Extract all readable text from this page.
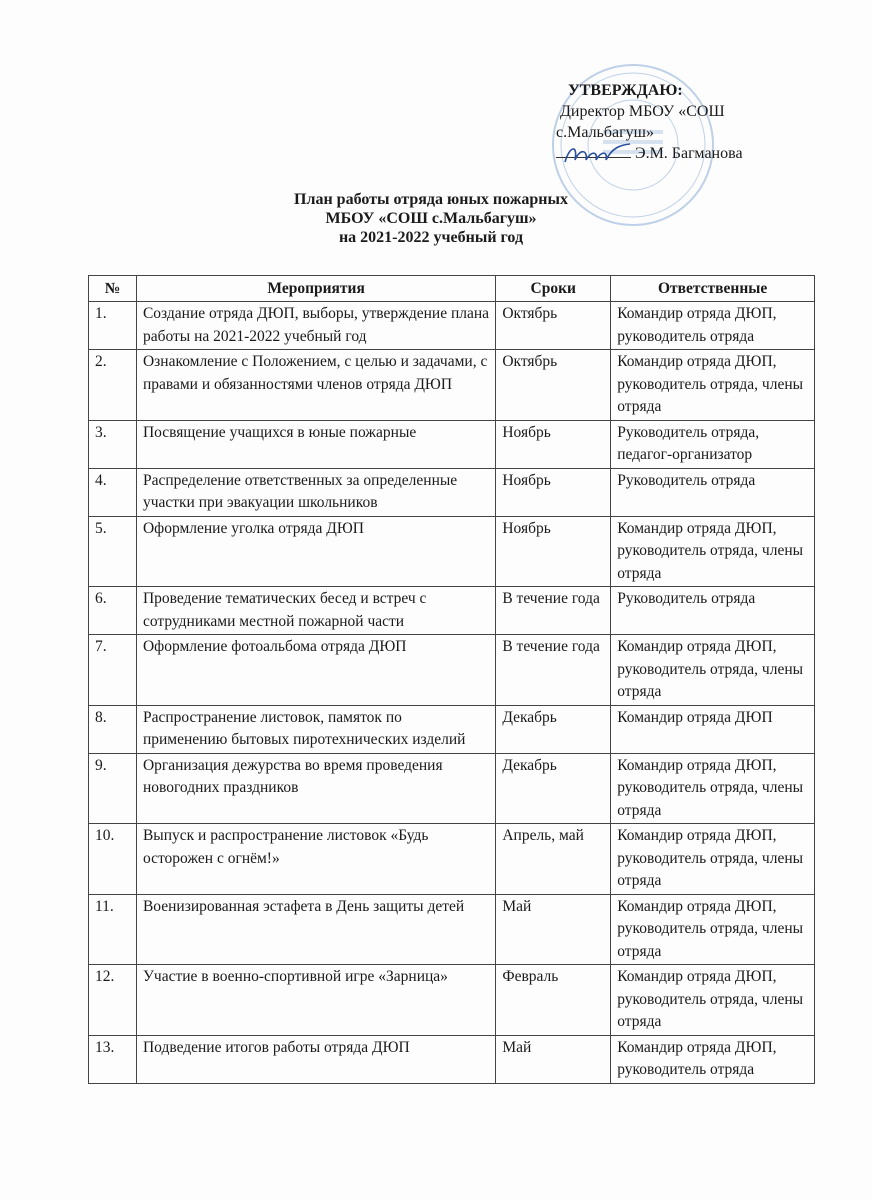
УТВЕРЖДАЮ:
Директор МБОУ «СОШ
с.Мальбагуш»
Э.М. Багманова
План работы отряда юных пожарных
МБОУ «СОШ с.Мальбагуш»
на 2021-2022 учебный год
№	Мероприятия	Сроки	Ответственные
1.	Создание отряда ДЮП, выборы, утверждение плана работы на 2021-2022 учебный год	Октябрь	Командир отряда ДЮП, руководитель отряда
2.	Ознакомление с Положением, с целью и задачами, с правами и обязанностями членов отряда ДЮП	Октябрь	Командир отряда ДЮП, руководитель отряда, члены отряда
3.	Посвящение учащихся в юные пожарные	Ноябрь	Руководитель отряда, педагог-организатор
4.	Распределение ответственных за определенные участки при эвакуации школьников	Ноябрь	Руководитель отряда
5.	Оформление уголка отряда ДЮП	Ноябрь	Командир отряда ДЮП, руководитель отряда, члены отряда
6.	Проведение тематических бесед и встреч с сотрудниками местной пожарной части	В течение года	Руководитель отряда
7.	Оформление фотоальбома отряда ДЮП	В течение года	Командир отряда ДЮП, руководитель отряда, члены отряда
8.	Распространение листовок, памяток по применению бытовых пиротехнических изделий	Декабрь	Командир отряда ДЮП
9.	Организация дежурства во время проведения новогодних праздников	Декабрь	Командир отряда ДЮП, руководитель отряда, члены отряда
10.	Выпуск и распространение листовок «Будь осторожен с огнём!»	Апрель, май	Командир отряда ДЮП, руководитель отряда, члены отряда
11.	Военизированная эстафета в День защиты детей	Май	Командир отряда ДЮП, руководитель отряда, члены отряда
12.	Участие в военно-спортивной игре «Зарница»	Февраль	Командир отряда ДЮП, руководитель отряда, члены отряда
13.	Подведение итогов работы отряда ДЮП	Май	Командир отряда ДЮП, руководитель отряда
